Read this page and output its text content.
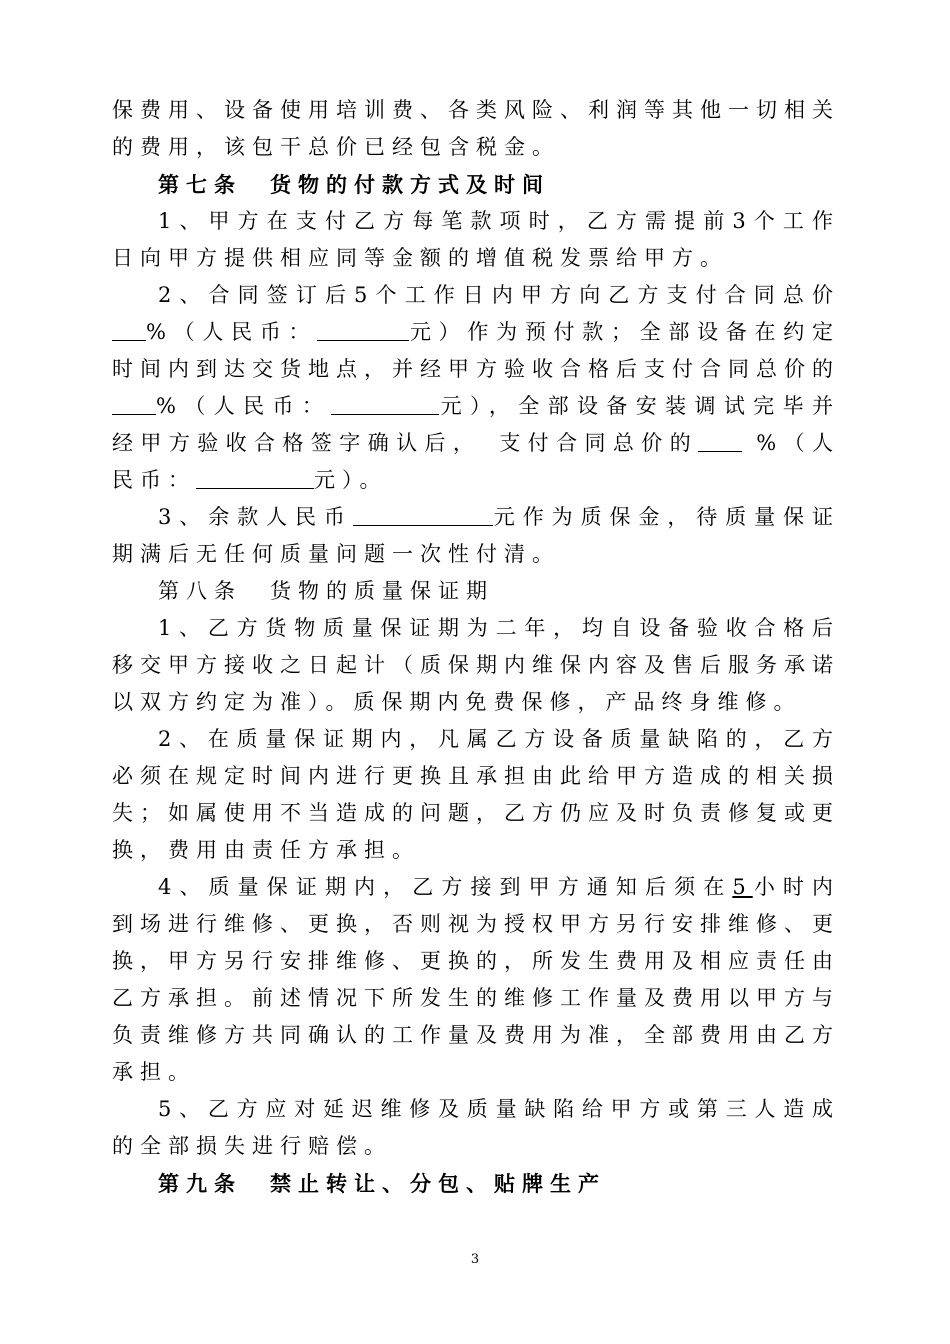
保费用、设备使用培训费、各类风险、利润等其他一切相关的费用，该包干总价已经包含税金。

第七条 货物的付款方式及时间

1、甲方在支付乙方每笔款项时，乙方需提前3个工作日向甲方提供相应同等金额的增值税发票给甲方。

2、合同签订后5个工作日内甲方向乙方支付合同总价%（人民币：	元）作为预付款；全部设备在约定时间内到达交货地点，并经甲方验收合格后支付合同总价的%（人民币：	元），全部设备安装调试完毕并经甲方验收合格签字确认后，　支付合同总价的 %（人民币：	元）。

3、余款人民币	元作为质保金，待质量保证期满后无任何质量问题一次性付清。

第八条 货物的质量保证期

1、乙方货物质量保证期为二年，均自设备验收合格后移交甲方接收之日起计（质保期内维保内容及售后服务承诺以双方约定为准）。质保期内免费保修，产品终身维修。

2、在质量保证期内，凡属乙方设备质量缺陷的，乙方必须在规定时间内进行更换且承担由此给甲方造成的相关损失；如属使用不当造成的问题，乙方仍应及时负责修复或更换，费用由责任方承担。

4、质量保证期内，乙方接到甲方通知后须在5小时内到场进行维修、更换，否则视为授权甲方另行安排维修、更换，甲方另行安排维修、更换的，所发生费用及相应责任由乙方承担。前述情况下所发生的维修工作量及费用以甲方与负责维修方共同确认的工作量及费用为准，全部费用由乙方承担。

5、乙方应对延迟维修及质量缺陷给甲方或第三人造成的全部损失进行赔偿。

第九条 禁止转让、分包、贴牌生产

3
